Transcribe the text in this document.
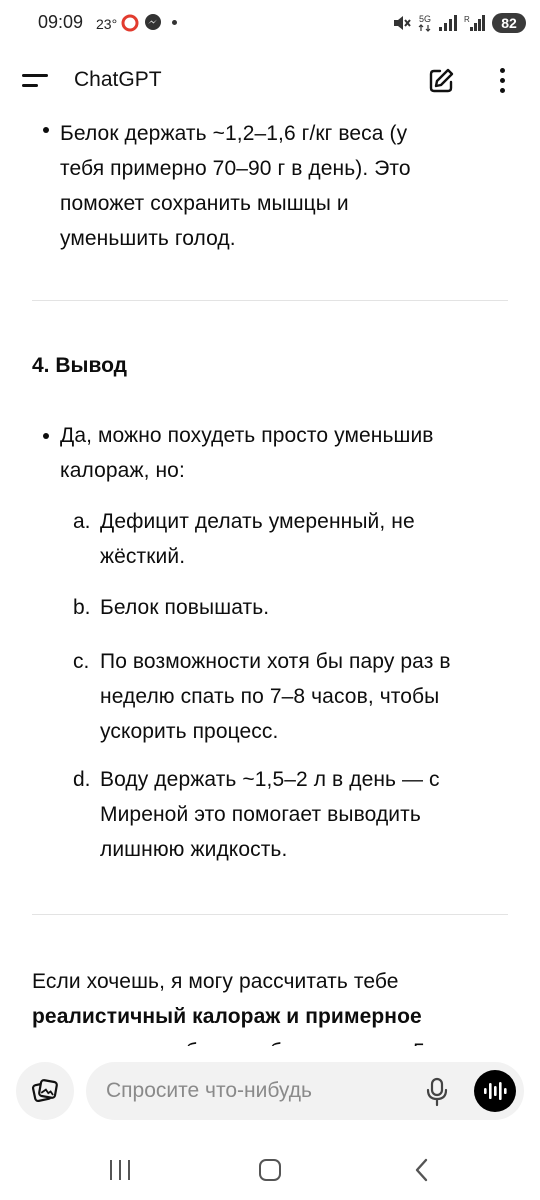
09:09 23°	5G	R	82
ChatGPT
Белок держать ~1,2–1,6 г/кг веса (у
тебя примерно 70–90 г в день). Это
поможет сохранить мышцы и
уменьшить голод.
4. Вывод
Да, можно похудеть просто уменьшив
калораж, но:
a. Дефицит делать умеренный, не
жёсткий.
b. Белок повышать.
c. По возможности хотя бы пару раз в
неделю спать по 7–8 часов, чтобы
ускорить процесс.
d. Воду держать ~1,5–2 л в день — с
Миреной это помогает выводить
лишнюю жидкость.
Если хочешь, я могу рассчитать тебе
реалистичный калораж и примерное
Спросите что-нибудь
